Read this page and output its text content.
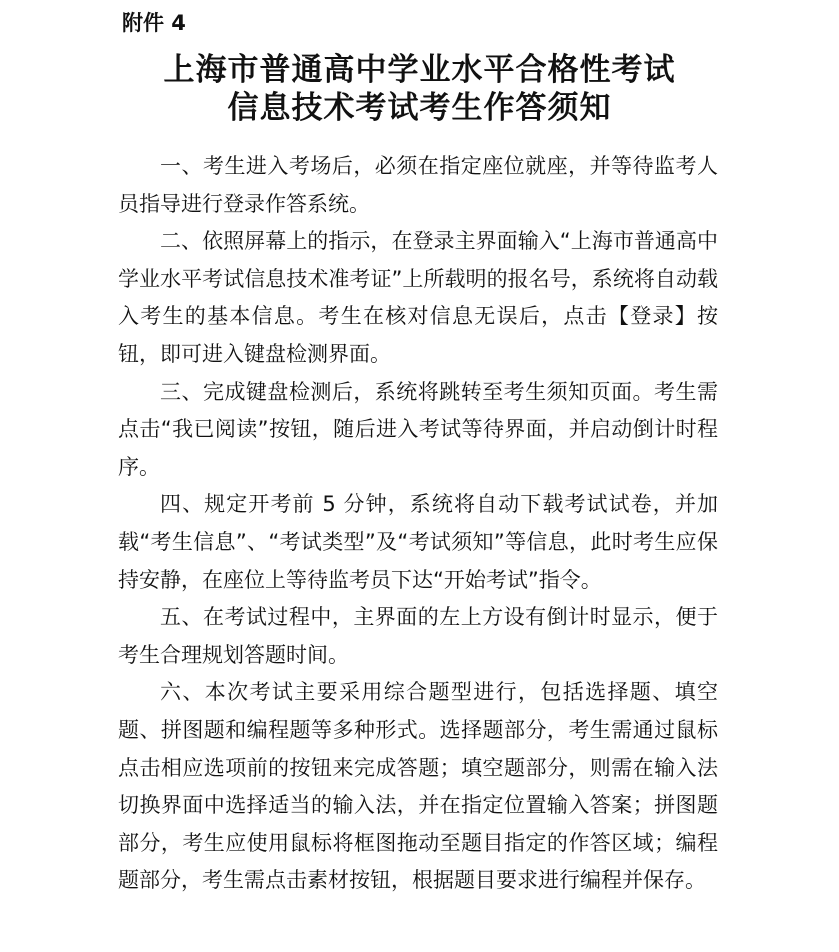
附件 4
上海市普通高中学业水平合格性考试
信息技术考试考生作答须知

一、考生进入考场后，必须在指定座位就座，并等待监考人员指导进行登录作答系统。

二、依照屏幕上的指示，在登录主界面输入“上海市普通高中学业水平考试信息技术准考证”上所载明的报名号，系统将自动载入考生的基本信息。考生在核对信息无误后，点击【登录】按钮，即可进入键盘检测界面。

三、完成键盘检测后，系统将跳转至考生须知页面。考生需点击“我已阅读”按钮，随后进入考试等待界面，并启动倒计时程序。

四、规定开考前 5 分钟，系统将自动下载考试试卷，并加载“考生信息”、“考试类型”及“考试须知”等信息，此时考生应保持安静，在座位上等待监考员下达“开始考试”指令。

五、在考试过程中，主界面的左上方设有倒计时显示，便于考生合理规划答题时间。

六、本次考试主要采用综合题型进行，包括选择题、填空题、拼图题和编程题等多种形式。选择题部分，考生需通过鼠标点击相应选项前的按钮来完成答题；填空题部分，则需在输入法切换界面中选择适当的输入法，并在指定位置输入答案；拼图题部分，考生应使用鼠标将框图拖动至题目指定的作答区域；编程题部分，考生需点击素材按钮，根据题目要求进行编程并保存。
